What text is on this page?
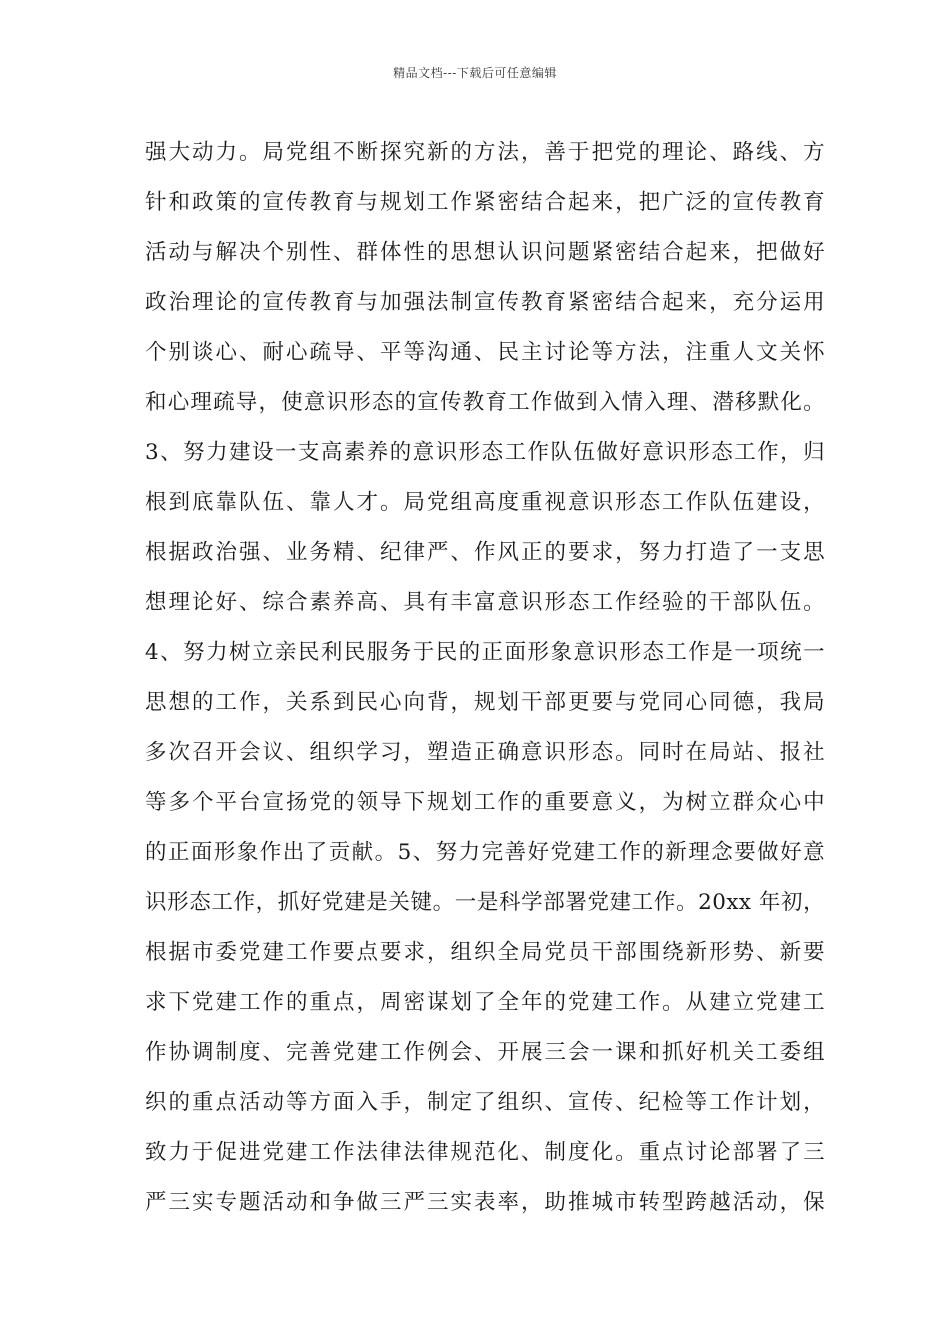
精品文档---下载后可任意编辑
强大动力。局党组不断探究新的方法，善于把党的理论、路线、方
针和政策的宣传教育与规划工作紧密结合起来，把广泛的宣传教育
活动与解决个别性、群体性的思想认识问题紧密结合起来，把做好
政治理论的宣传教育与加强法制宣传教育紧密结合起来，充分运用
个别谈心、耐心疏导、平等沟通、民主讨论等方法，注重人文关怀
和心理疏导，使意识形态的宣传教育工作做到入情入理、潜移默化。
3、努力建设一支高素养的意识形态工作队伍做好意识形态工作，归
根到底靠队伍、靠人才。局党组高度重视意识形态工作队伍建设，
根据政治强、业务精、纪律严、作风正的要求，努力打造了一支思
想理论好、综合素养高、具有丰富意识形态工作经验的干部队伍。
4、努力树立亲民利民服务于民的正面形象意识形态工作是一项统一
思想的工作，关系到民心向背，规划干部更要与党同心同德，我局
多次召开会议、组织学习，塑造正确意识形态。同时在局站、报社
等多个平台宣扬党的领导下规划工作的重要意义，为树立群众心中
的正面形象作出了贡献。5、努力完善好党建工作的新理念要做好意
识形态工作，抓好党建是关键。一是科学部署党建工作。20xx 年初，
根据市委党建工作要点要求，组织全局党员干部围绕新形势、新要
求下党建工作的重点，周密谋划了全年的党建工作。从建立党建工
作协调制度、完善党建工作例会、开展三会一课和抓好机关工委组
织的重点活动等方面入手，制定了组织、宣传、纪检等工作计划，
致力于促进党建工作法律法律规范化、制度化。重点讨论部署了三
严三实专题活动和争做三严三实表率，助推城市转型跨越活动，保
